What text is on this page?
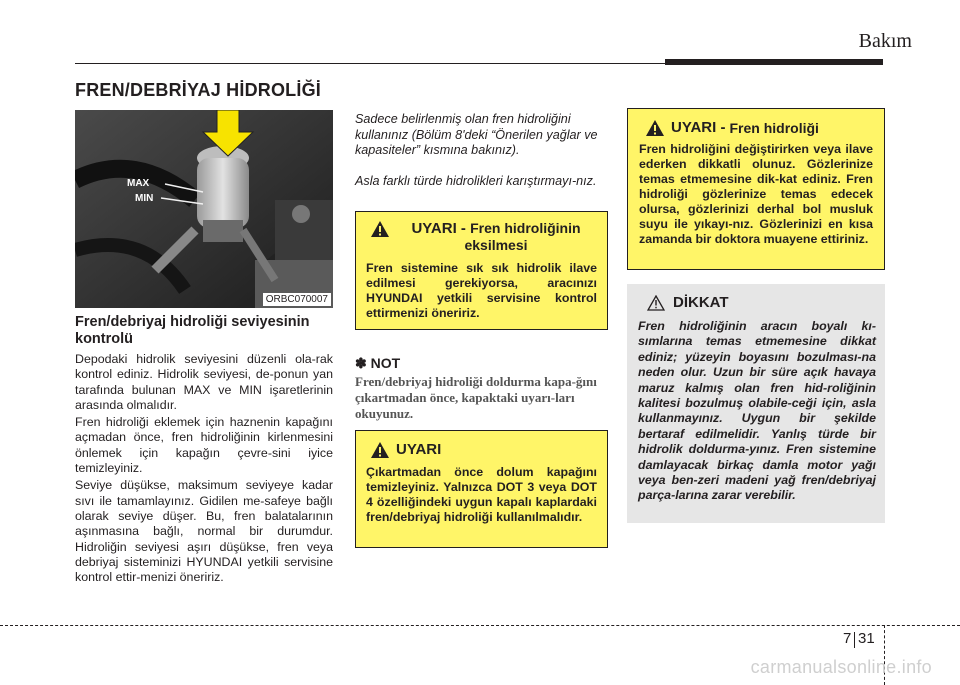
Bakım
FREN/DEBRİYAJ HİDROLİĞİ
MAX
MIN
ORBC070007
Fren/debriyaj hidroliği seviyesinin kontrolü

Depodaki hidrolik seviyesini düzenli ola-rak kontrol ediniz. Hidrolik seviyesi, de-ponun yan tarafında bulunan MAX ve MIN işaretlerinin arasında olmalıdır.

Fren hidroliği eklemek için haznenin kapağını açmadan önce, fren hidroliğinin kirlenmesini önlemek için kapağın çevre-sini iyice temizleyiniz.

Seviye düşükse, maksimum seviyeye kadar sıvı ile tamamlayınız. Gidilen me-safeye bağlı olarak seviye düşer. Bu, fren balatalarının aşınmasına bağlı, normal bir durumdur. Hidroliğin seviyesi aşırı düşükse, fren veya debriyaj sisteminizi HYUNDAI yetkili servisine kontrol ettir-menizi öneririz.

Sadece belirlenmiş olan fren hidroliğini kullanınız (Bölüm 8'deki “Önerilen yağlar ve kapasiteler” kısmına bakınız).

Asla farklı türde hidrolikleri karıştırmayı-nız.

UYARI - Fren hidroliğinin
eksilmesi
Fren sistemine sık sık hidrolik ilave edilmesi gerekiyorsa, aracınızı HYUNDAI yetkili servisine kontrol ettirmenizi öneririz.
✽ NOT
Fren/debriyaj hidroliği doldurma kapa-ğını çıkartmadan önce, kapaktaki uyarı-ları okuyunuz.
UYARI
Çıkartmadan önce dolum kapağını temizleyiniz. Yalnızca DOT 3 veya DOT 4 özelliğindeki uygun kapalı kaplardaki fren/debriyaj hidroliği kullanılmalıdır.
UYARI - Fren hidroliği
Fren hidroliğini değiştirirken veya ilave ederken dikkatli olunuz. Gözlerinize temas etmemesine dik-kat ediniz. Fren hidroliği gözlerinize temas edecek olursa, gözlerinizi derhal bol musluk suyu ile yıkayı-nız. Gözlerinizi en kısa zamanda bir doktora muayene ettiriniz.
DİKKAT
Fren hidroliğinin aracın boyalı kı-sımlarına temas etmemesine dikkat ediniz; yüzeyin boyasını bozulması-na neden olur. Uzun bir süre açık havaya maruz kalmış olan fren hid-roliğinin kalitesi bozulmuş olabile-ceği için, asla kullanmayınız. Uygun bir şekilde bertaraf edilmelidir. Yanlış türde bir hidrolik doldurma-yınız. Fren sistemine damlayacak birkaç damla motor yağı veya ben-zeri madeni yağ fren/debriyaj parça-larına zarar verebilir.
7 31
carmanualsonline.info
